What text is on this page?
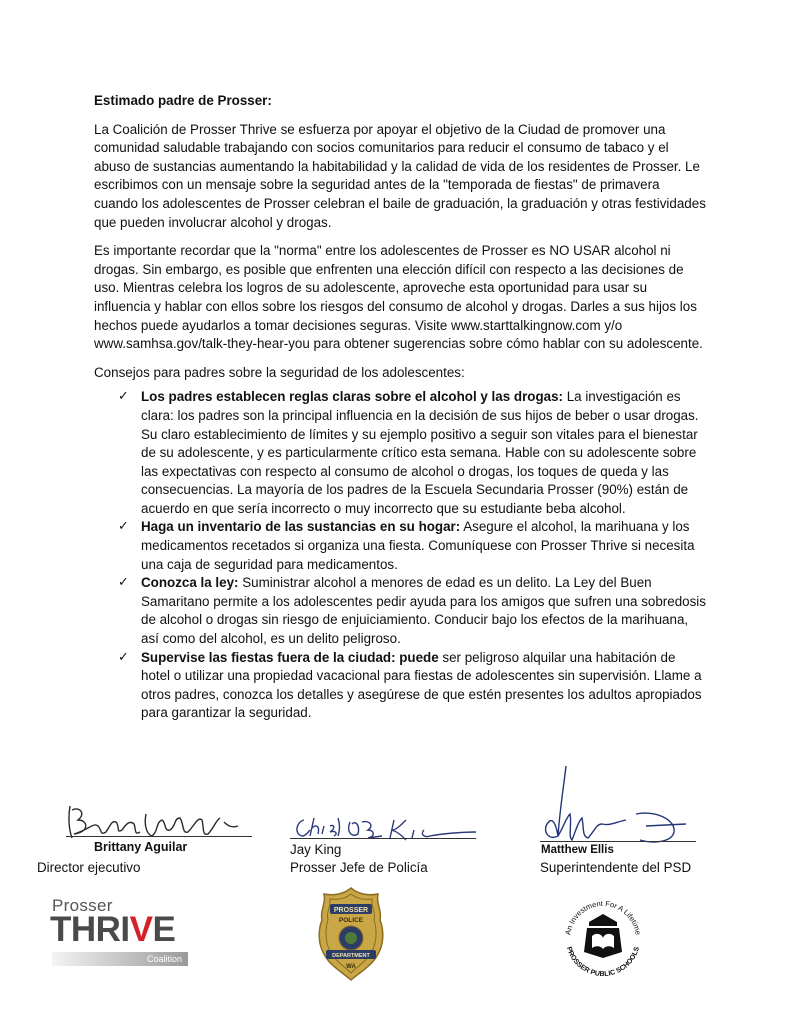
Estimado padre de Prosser:

La Coalición de Prosser Thrive se esfuerza por apoyar el objetivo de la Ciudad de promover una comunidad saludable trabajando con socios comunitarios para reducir el consumo de tabaco y el abuso de sustancias aumentando la habitabilidad y la calidad de vida de los residentes de Prosser. Le escribimos con un mensaje sobre la seguridad antes de la "temporada de fiestas" de primavera cuando los adolescentes de Prosser celebran el baile de graduación, la graduación y otras festividades que pueden involucrar alcohol y drogas.

Es importante recordar que la "norma" entre los adolescentes de Prosser es NO USAR alcohol ni drogas. Sin embargo, es posible que enfrenten una elección difícil con respecto a las decisiones de uso. Mientras celebra los logros de su adolescente, aproveche esta oportunidad para usar su influencia y hablar con ellos sobre los riesgos del consumo de alcohol y drogas. Darles a sus hijos los hechos puede ayudarlos a tomar decisiones seguras. Visite www.starttalkingnow.com y/o www.samhsa.gov/talk-they-hear-you para obtener sugerencias sobre cómo hablar con su adolescente.

Consejos para padres sobre la seguridad de los adolescentes:

✓ Los padres establecen reglas claras sobre el alcohol y las drogas: La investigación es clara: los padres son la principal influencia en la decisión de sus hijos de beber o usar drogas. Su claro establecimiento de límites y su ejemplo positivo a seguir son vitales para el bienestar de su adolescente, y es particularmente crítico esta semana. Hable con su adolescente sobre las expectativas con respecto al consumo de alcohol o drogas, los toques de queda y las consecuencias. La mayoría de los padres de la Escuela Secundaria Prosser (90%) están de acuerdo en que sería incorrecto o muy incorrecto que su estudiante beba alcohol.
✓ Haga un inventario de las sustancias en su hogar: Asegure el alcohol, la marihuana y los medicamentos recetados si organiza una fiesta. Comuníquese con Prosser Thrive si necesita una caja de seguridad para medicamentos.
✓ Conozca la ley: Suministrar alcohol a menores de edad es un delito. La Ley del Buen Samaritano permite a los adolescentes pedir ayuda para los amigos que sufren una sobredosis de alcohol o drogas sin riesgo de enjuiciamiento. Conducir bajo los efectos de la marihuana, así como del alcohol, es un delito peligroso.
✓ Supervise las fiestas fuera de la ciudad: puede ser peligroso alquilar una habitación de hotel o utilizar una propiedad vacacional para fiestas de adolescentes sin supervisión. Llame a otros padres, conozca los detalles y asegúrese de que estén presentes los adultos apropiados para garantizar la seguridad.
Brittany Aguilar
Director ejecutivo
Jay King
Prosser Jefe de Policía
Matthew Ellis
Superintendente del PSD
Prosser
THRIVE
Coalition
PROSSER
POLICE
DEPARTMENT
WA
An Investment For A Lifetime
PROSSER PUBLIC SCHOOLS
